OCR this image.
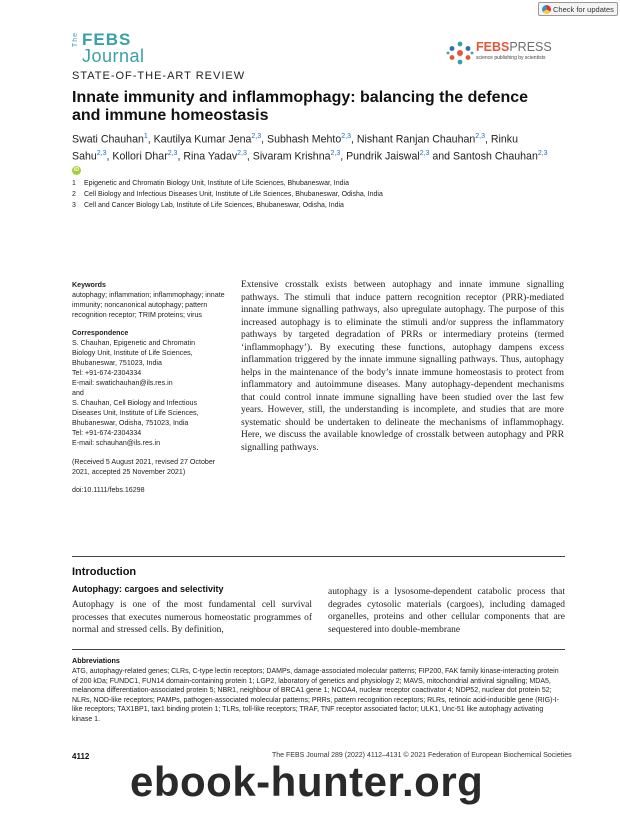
Check for updates
The FEBS
Journal	FEBSPRESS
science publishing by scientists
STATE-OF-THE-ART REVIEW
Innate immunity and inflammophagy: balancing the defence and immune homeostasis
Swati Chauhan$^1$, Kautilya Kumar Jena$^{2,3}$, Subhash Mehto$^{2,3}$, Nishant Ranjan Chauhan$^{2,3}$, Rinku Sahu$^{2,3}$, Kollori Dhar$^{2,3}$, Rina Yadav$^{2,3}$, Sivaram Krishna$^{2,3}$, Pundrik Jaiswal$^{2,3}$ and Santosh Chauhan$^{2,3}$ iD
1 Epigenetic and Chromatin Biology Unit, Institute of Life Sciences, Bhubaneswar, India
2 Cell Biology and Infectious Diseases Unit, Institute of Life Sciences, Bhubaneswar, Odisha, India
3 Cell and Cancer Biology Lab, Institute of Life Sciences, Bhubaneswar, Odisha, India
Keywords
autophagy; inflammation; inflammophagy; innate immunity; noncanonical autophagy; pattern recognition receptor; TRIM proteins; virus
Correspondence
S. Chauhan, Epigenetic and Chromatin
Biology Unit, Institute of Life Sciences,
Bhubaneswar, 751023, India
Tel: +91-674-2304334
E-mail: swatichauhan@ils.res.in
and
S. Chauhan, Cell Biology and Infectious
Diseases Unit, Institute of Life Sciences,
Bhubaneswar, Odisha, 751023, India
Tel: +91-674-2304334
E-mail: schauhan@ils.res.in
(Received 5 August 2021, revised 27 October 2021, accepted 25 November 2021)
doi:10.1111/febs.16298

Extensive crosstalk exists between autophagy and innate immune signalling pathways. The stimuli that induce pattern recognition receptor (PRR)-mediated innate immune signalling pathways, also upregulate autophagy. The purpose of this increased autophagy is to eliminate the stimuli and/or suppress the inflammatory pathways by targeted degradation of PRRs or intermediary proteins (termed ‘inflammophagy’). By executing these functions, autophagy dampens excess inflammation triggered by the innate immune signalling pathways. Thus, autophagy helps in the maintenance of the body’s innate immune homeostasis to protect from inflammatory and autoimmune diseases. Many autophagy-dependent mechanisms that could control innate immune signalling have been studied over the last few years. However, still, the understanding is incomplete, and studies that are more systematic should be undertaken to delineate the mechanisms of inflammophagy. Here, we discuss the available knowledge of crosstalk between autophagy and PRR signalling pathways.

Introduction
Autophagy: cargoes and selectivity

Autophagy is one of the most fundamental cell survival processes that executes numerous homeostatic programmes of normal and stressed cells. By definition,

autophagy is a lysosome-dependent catabolic process that degrades cytosolic materials (cargoes), including damaged organelles, proteins and other cellular components that are sequestered into double-membrane

Abbreviations

ATG, autophagy-related genes; CLRs, C-type lectin receptors; DAMPs, damage-associated molecular patterns; FIP200, FAK family kinase-interacting protein of 200 kDa; FUNDC1, FUN14 domain-containing protein 1; LGP2, laboratory of genetics and physiology 2; MAVS, mitochondrial antiviral signalling; MDA5, melanoma differentiation-associated protein 5; NBR1, neighbour of BRCA1 gene 1; NCOA4, nuclear receptor coactivator 4; NDP52, nuclear dot protein 52; NLRs, NOD-like receptors; PAMPs, pathogen-associated molecular patterns; PRRs, pattern recognition receptors; RLRs, retinoic acid-inducible gene (RIG)-I-like receptors; TAX1BP1, tax1 binding protein 1; TLRs, toll-like receptors; TRAF, TNF receptor associated factor; ULK1, Unc-51 like autophagy activating kinase 1.

4112	The FEBS Journal 289 (2022) 4112–4131 © 2021 Federation of European Biochemical Societies
ebook-hunter.org
